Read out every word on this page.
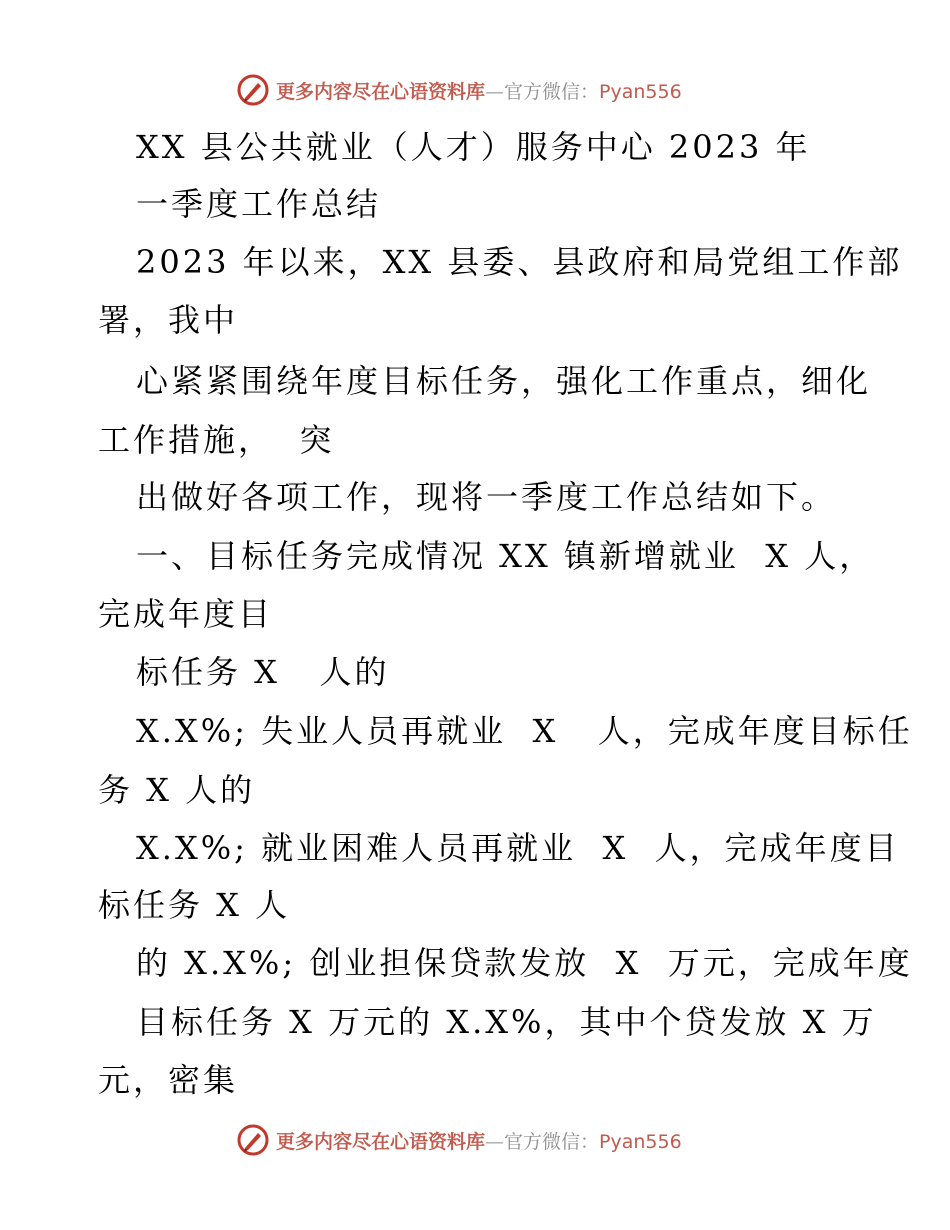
更多内容尽在心语资料库—官方微信：Pyan556
XX 县公共就业（人才）服务中心 2023 年
一季度工作总结
2023 年以来，XX 县委、县政府和局党组工作部
署，我中
心紧紧围绕年度目标任务，强化工作重点，细化
工作措施，  突
出做好各项工作，现将一季度工作总结如下。
一、目标任务完成情况 XX 镇新增就业  X 人，
完成年度目
标任务 X   人的
X.X%; 失业人员再就业  X   人，完成年度目标任
务 X 人的
X.X%; 就业困难人员再就业  X  人，完成年度目
标任务 X 人
的 X.X%; 创业担保贷款发放  X  万元，完成年度
目标任务 X 万元的 X.X%，其中个贷发放 X 万
元，密集
更多内容尽在心语资料库—官方微信：Pyan556
